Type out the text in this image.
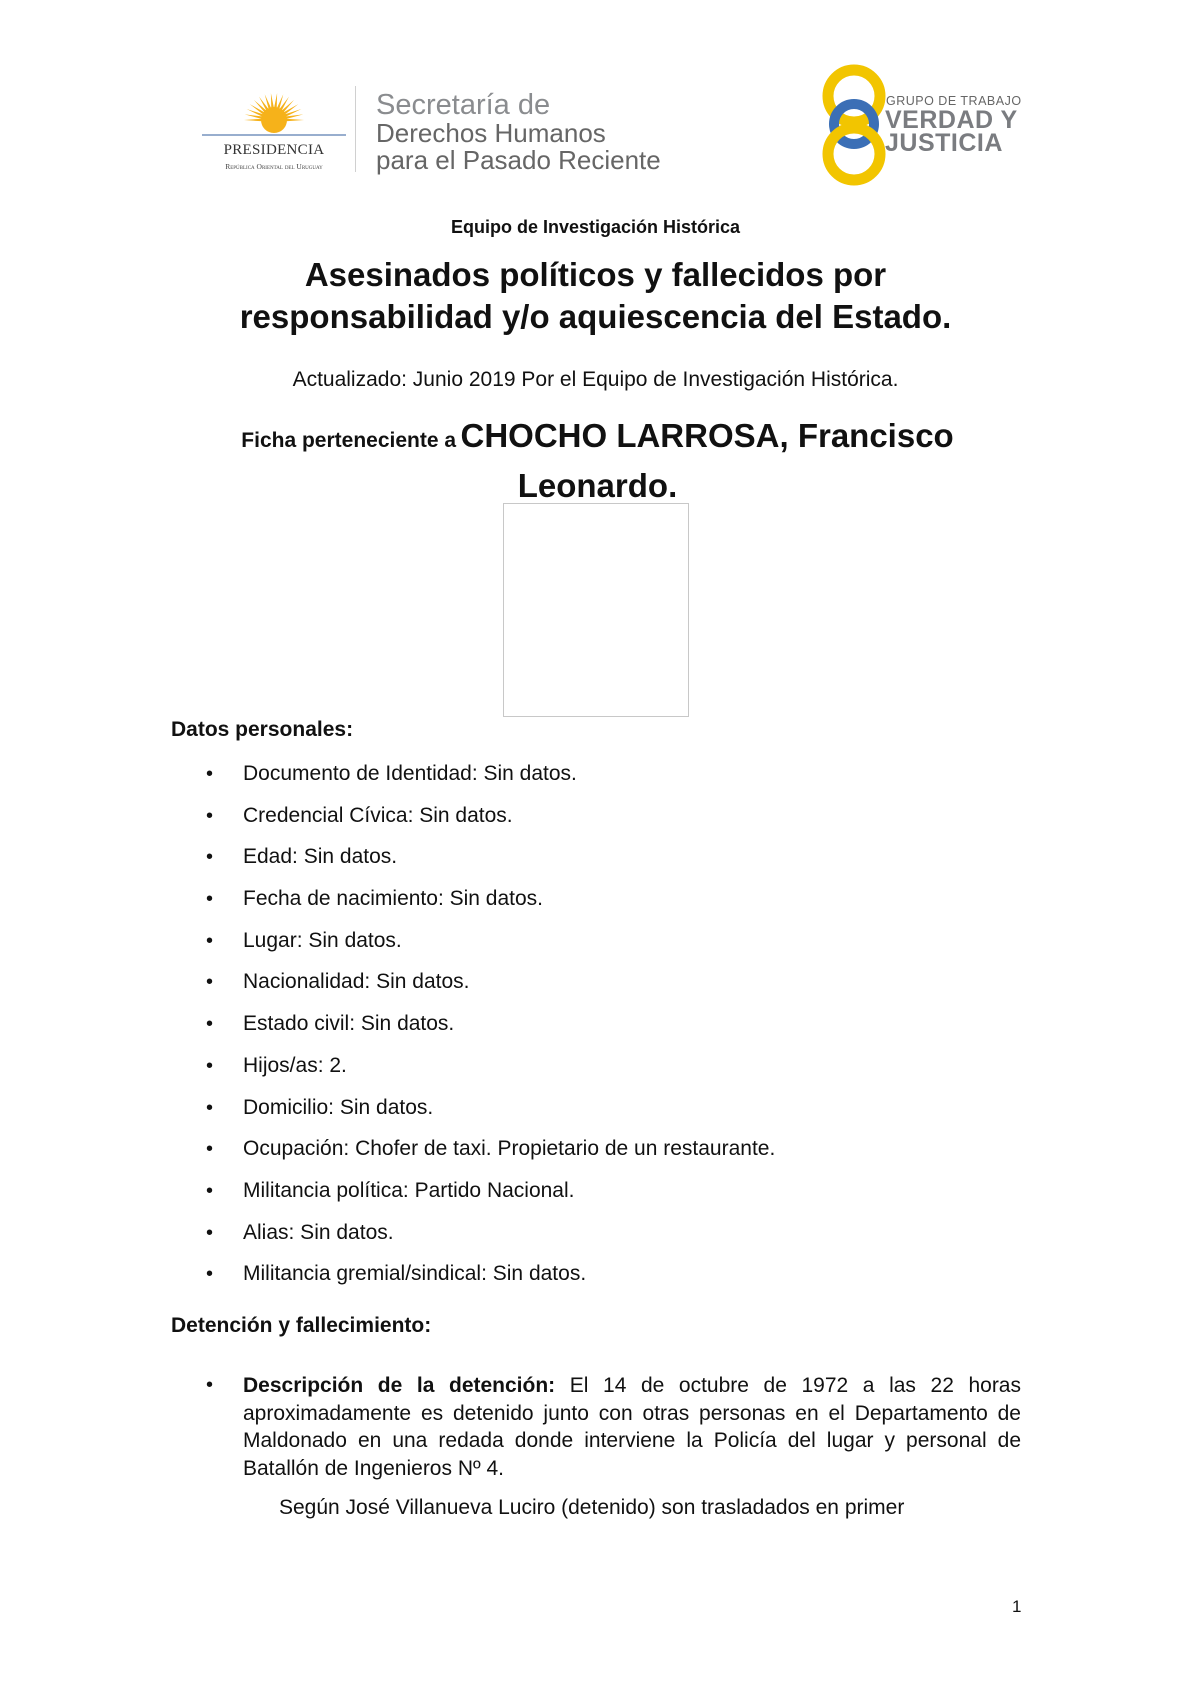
PRESIDENCIA
República Oriental del Uruguay
Secretaría de
Derechos Humanos
para el Pasado Reciente
GRUPO DE TRABAJO
VERDAD Y
JUSTICIA
Equipo de Investigación Histórica
Asesinados políticos y fallecidos por
responsabilidad y/o aquiescencia del Estado.
Actualizado: Junio 2019 Por el Equipo de Investigación Histórica.
Ficha perteneciente a CHOCHO LARROSA, Francisco Leonardo.
Datos personales:
• Documento de Identidad: Sin datos.
• Credencial Cívica: Sin datos.
• Edad: Sin datos.
• Fecha de nacimiento: Sin datos.
• Lugar: Sin datos.
• Nacionalidad: Sin datos.
• Estado civil: Sin datos.
• Hijos/as: 2.
• Domicilio: Sin datos.
• Ocupación: Chofer de taxi. Propietario de un restaurante.
• Militancia política: Partido Nacional.
• Alias: Sin datos.
• Militancia gremial/sindical: Sin datos.
Detención y fallecimiento:
• Descripción de la detención: El 14 de octubre de 1972 a las 22 horas aproximadamente es detenido junto con otras personas en el Departamento de Maldonado en una redada donde interviene la Policía del lugar y personal de Batallón de Ingenieros Nº 4.
Según José Villanueva Luciro (detenido) son trasladados en primer
1
